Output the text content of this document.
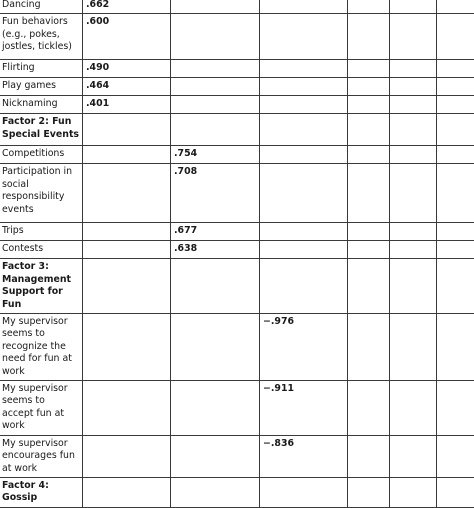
Dancing	.662					
Fun behaviors (e.g., pokes, jostles, tickles)	.600					
Flirting	.490					
Play games	.464					
Nicknaming	.401					
Factor 2: Fun Special Events						
Competitions		.754				
Participation in social responsibility events		.708				
Trips		.677				
Contests		.638				
Factor 3: Management Support for Fun						
My supervisor seems to recognize the need for fun at work			−.976			
My supervisor seems to accept fun at work			−.911			
My supervisor encourages fun at work			−.836			
Factor 4: Gossip						
